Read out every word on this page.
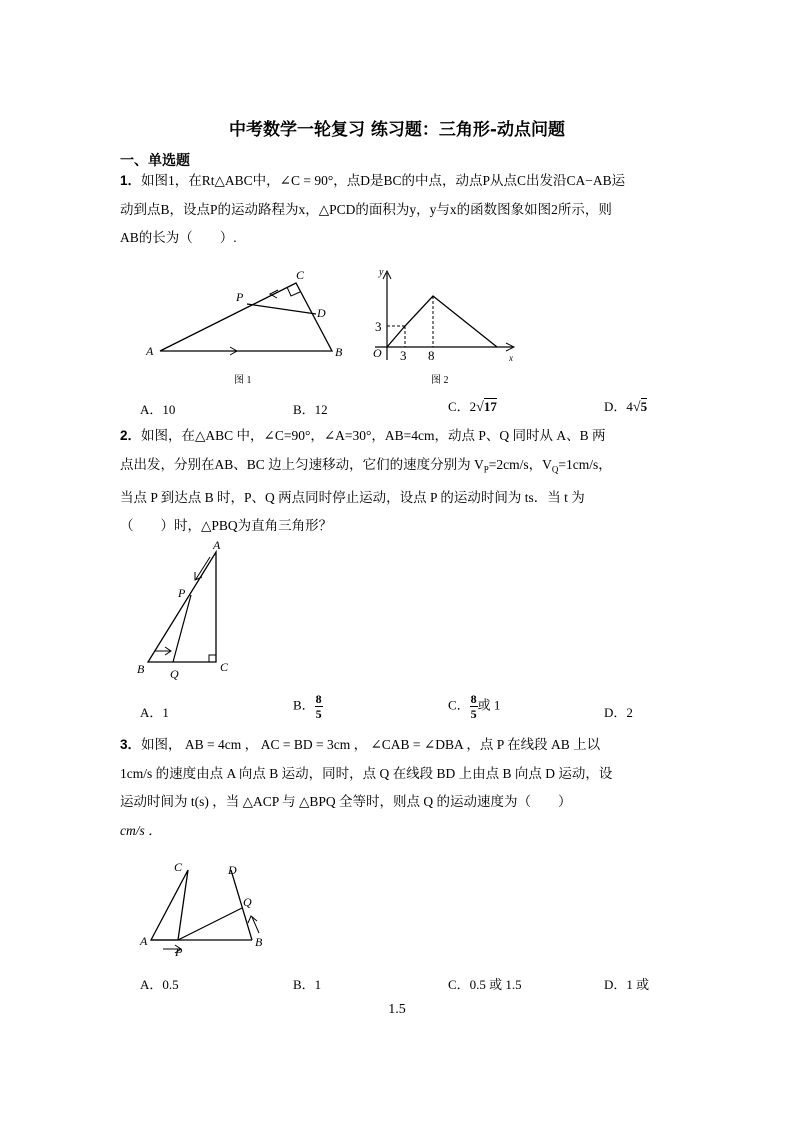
中考数学一轮复习 练习题：三角形-动点问题
一、单选题
1．如图1，在Rt△ABC中，∠C = 90°，点D是BC的中点，动点P从点C出发沿CA−AB运
动到点B，设点P的运动路程为x，△PCD的面积为y，y与x的函数图象如图2所示，则
AB的长为（　　）.
A	B
C
D
P
图 1
y
x
O 3 8
3
图 2
A．10	B．12	C．2√17	D．4√5
2．如图，在△ABC 中，∠C=90°，∠A=30°，AB=4cm，动点 P、Q 同时从 A、B 两
点出发，分别在AB、BC 边上匀速移动，它们的速度分别为 $V_P=2cm/s$，$V_Q=1cm/s$，
当点 P 到达点 B 时，P、Q 两点同时停止运动，设点 P 的运动时间为 ts．当 t 为
（　　）时，△PBQ为直角三角形？
A
B	C
P
Q
A．1
B． $\frac{8}{5}$	C． $\frac{8}{5}$ 或 1
D．2
3．如图， AB = 4cm ， AC = BD = 3cm ， ∠CAB = ∠DBA ，点 P 在线段 AB 上以
1cm/s 的速度由点 A 向点 B 运动，同时，点 Q 在线段 BD 上由点 B 向点 D 运动，设
运动时间为 t(s) ，当 △ACP 与 △BPQ 全等时，则点 Q 的运动速度为（　　）
cm/s ．
A	B
C	D
P
Q
A．0.5	B．1	C．0.5 或 1.5	D．1 或
1.5
